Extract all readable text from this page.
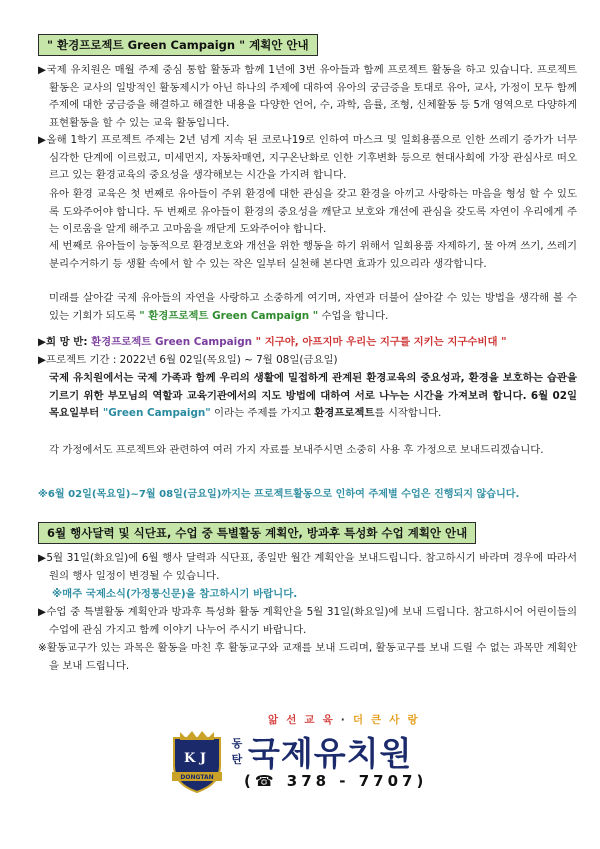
" 환경프로젝트 Green Campaign " 계획안 안내
▶국제 유치원은 매월 주제 중심 통합 활동과 함께 1년에 3번 유아들과 함께 프로젝트 활동을 하고 있습니다. 프로젝트 활동은 교사의 일방적인 활동제시가 아닌 하나의 주제에 대하여 유아의 궁금증을 토대로 유아, 교사, 가정이 모두 함께 주제에 대한 궁금증을 해결하고 해결한 내용을 다양한 언어, 수, 과학, 음률, 조형, 신체활동 등 5개 영역으로 다양하게 표현활동을 할 수 있는 교육 활동입니다.
▶올해 1학기 프로젝트 주제는 2년 넘게 지속 된 코로나19로 인하여 마스크 및 일회용품으로 인한 쓰레기 증가가 너무 심각한 단계에 이르렀고, 미세먼지, 자동차매연, 지구온난화로 인한 기후변화 등으로 현대사회에 가장 관심사로 떠오르고 있는 환경교육의 중요성을 생각해보는 시간을 가지려 합니다.
유아 환경 교육은 첫 번째로 유아들이 주위 환경에 대한 관심을 갖고 환경을 아끼고 사랑하는 마음을 형성 할 수 있도록 도와주어야 합니다. 두 번째로 유아들이 환경의 중요성을 깨닫고 보호와 개선에 관심을 갖도록 자연이 우리에게 주는 이로움을 알게 해주고 고마움을 깨닫게 도와주어야 합니다.
세 번째로 유아들이 능동적으로 환경보호와 개선을 위한 행동을 하기 위해서 일회용품 자제하기, 물 아껴 쓰기, 쓰레기 분리수거하기 등 생활 속에서 할 수 있는 작은 일부터 실천해 본다면 효과가 있으리라 생각합니다.
미래를 살아갈 국제 유아들의 자연을 사랑하고 소중하게 여기며, 자연과 더불어 살아갈 수 있는 방법을 생각해 볼 수 있는 기회가 되도록 " 환경프로젝트 Green Campaign " 수업을 합니다.
▶희 망 반: 환경프로젝트 Green Campaign " 지구야, 아프지마 우리는 지구를 지키는 지구수비대 "
▶프로젝트 기간 : 2022년 6월 02일(목요일) ~ 7월 08일(금요일)
국제 유치원에서는 국제 가족과 함께 우리의 생활에 밀접하게 관계된 환경교육의 중요성과, 환경을 보호하는 습관을 기르기 위한 부모님의 역할과 교육기관에서의 지도 방법에 대하여 서로 나누는 시간을 가져보려 합니다. 6월 02일 목요일부터 "Green Campaign" 이라는 주제를 가지고 환경프로젝트를 시작합니다.
각 가정에서도 프로젝트와 관련하여 여러 가지 자료를 보내주시면 소중히 사용 후 가정으로 보내드리겠습니다.
※6월 02일(목요일)~7월 08일(금요일)까지는 프로젝트활동으로 인하여 주제별 수업은 진행되지 않습니다.
6월 행사달력 및 식단표, 수업 중 특별활동 계획안, 방과후 특성화 수업 계획안 안내
▶5월 31일(화요일)에 6월 행사 달력과 식단표, 종일반 월간 계획안을 보내드립니다. 참고하시기 바라며 경우에 따라서 원의 행사 일정이 변경될 수 있습니다.
※매주 국제소식(가정통신문)을 참고하시기 바랍니다.
▶수업 중 특별활동 계획안과 방과후 특성화 활동 계획안을 5월 31일(화요일)에 보내 드립니다. 참고하시어 어린이들의 수업에 관심 가지고 함께 이야기 나누어 주시기 바랍니다.
※활동교구가 있는 과목은 활동을 마친 후 활동교구와 교재를 보내 드리며, 활동교구를 보내 드릴 수 없는 과목만 계획안을 보내 드립니다.
앎 선 교 육 · 더 큰 사 랑
K J
DONGTAN
동탄 국제유치원
(☎ 378 - 7707)
